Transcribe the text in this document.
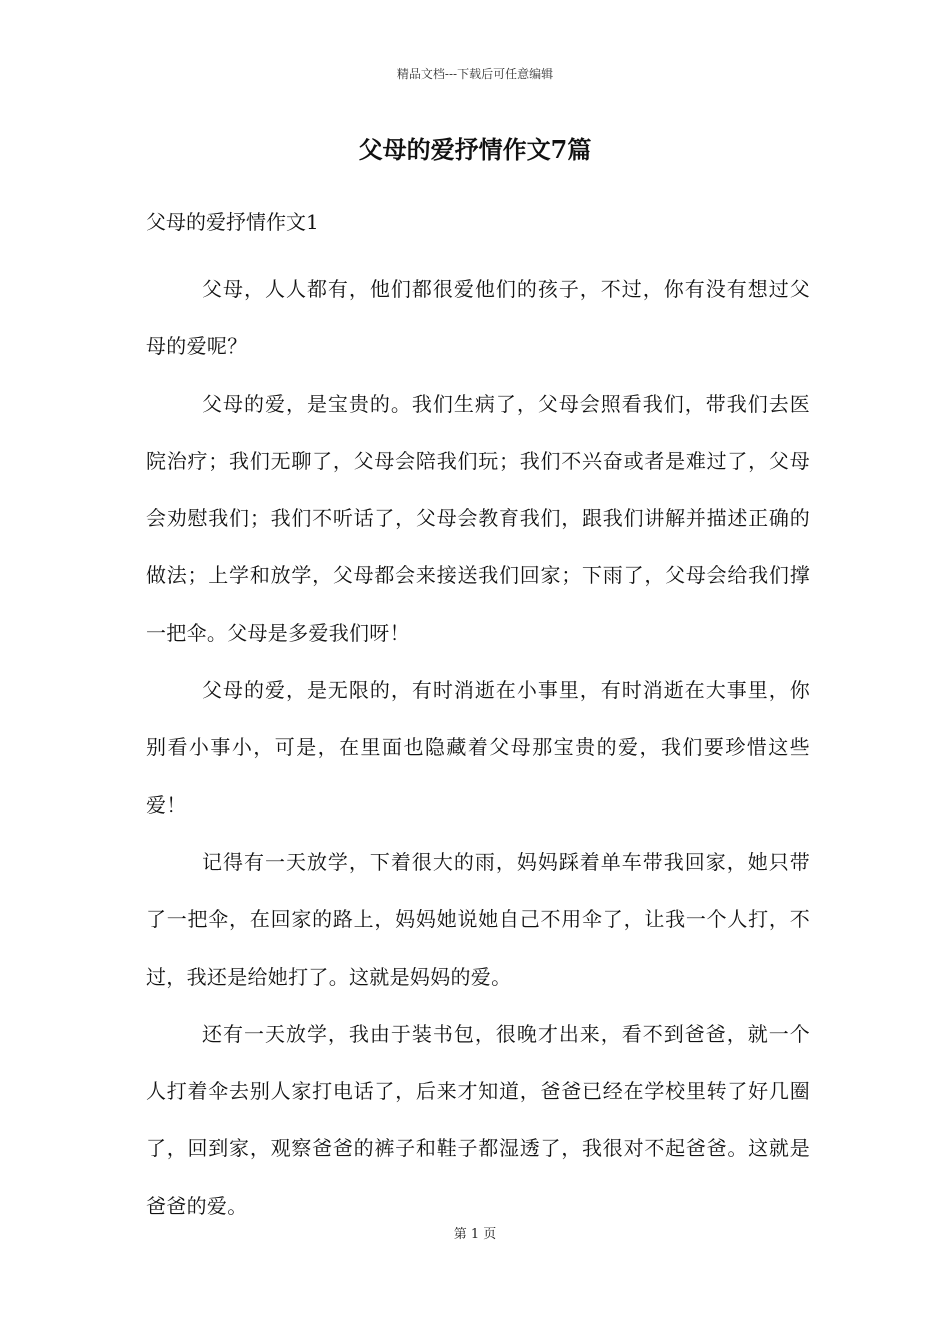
精品文档---下载后可任意编辑
父母的爱抒情作文7篇
父母的爱抒情作文1

父母，人人都有，他们都很爱他们的孩子，不过，你有没有想过父母的爱呢？

父母的爱，是宝贵的。我们生病了，父母会照看我们，带我们去医院治疗；我们无聊了，父母会陪我们玩；我们不兴奋或者是难过了，父母会劝慰我们；我们不听话了，父母会教育我们，跟我们讲解并描述正确的做法；上学和放学，父母都会来接送我们回家；下雨了，父母会给我们撑一把伞。父母是多爱我们呀！

父母的爱，是无限的，有时消逝在小事里，有时消逝在大事里，你别看小事小，可是，在里面也隐藏着父母那宝贵的爱，我们要珍惜这些爱！

记得有一天放学，下着很大的雨，妈妈踩着单车带我回家，她只带了一把伞，在回家的路上，妈妈她说她自己不用伞了，让我一个人打，不过，我还是给她打了。这就是妈妈的爱。

还有一天放学，我由于装书包，很晚才出来，看不到爸爸，就一个人打着伞去别人家打电话了，后来才知道，爸爸已经在学校里转了好几圈了，回到家，观察爸爸的裤子和鞋子都湿透了，我很对不起爸爸。这就是爸爸的爱。

第 1 页
